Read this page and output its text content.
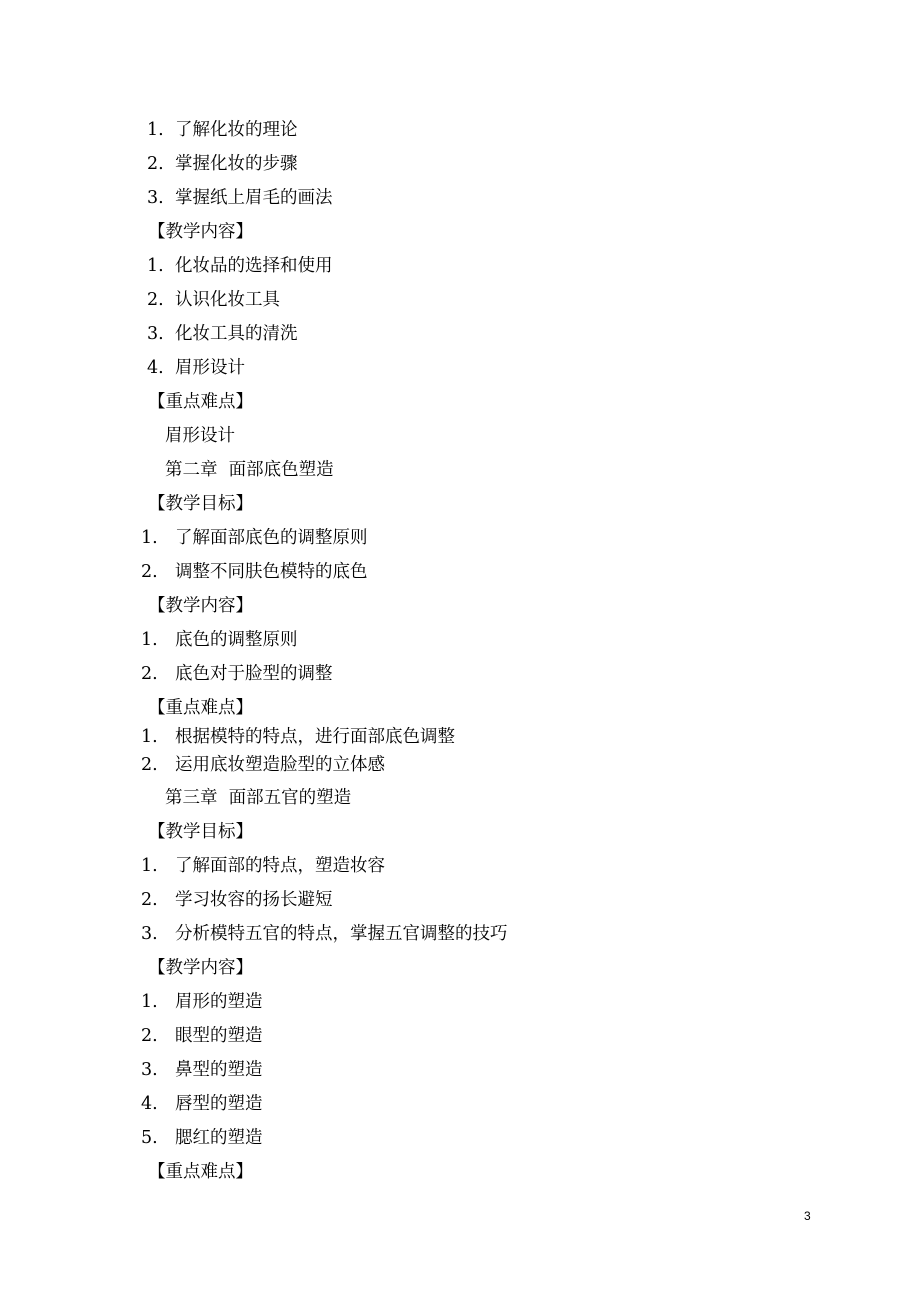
1. 了解化妆的理论
2. 掌握化妆的步骤
3. 掌握纸上眉毛的画法
【教学内容】
1. 化妆品的选择和使用
2. 认识化妆工具
3. 化妆工具的清洗
4. 眉形设计
【重点难点】
眉形设计
第二章  面部底色塑造
【教学目标】
1. 了解面部底色的调整原则
2. 调整不同肤色模特的底色
【教学内容】
1. 底色的调整原则
2. 底色对于脸型的调整
【重点难点】
1. 根据模特的特点，进行面部底色调整
2. 运用底妆塑造脸型的立体感
第三章  面部五官的塑造
【教学目标】
1. 了解面部的特点，塑造妆容
2. 学习妆容的扬长避短
3. 分析模特五官的特点，掌握五官调整的技巧
【教学内容】
1. 眉形的塑造
2. 眼型的塑造
3. 鼻型的塑造
4. 唇型的塑造
5. 腮红的塑造
【重点难点】
3
